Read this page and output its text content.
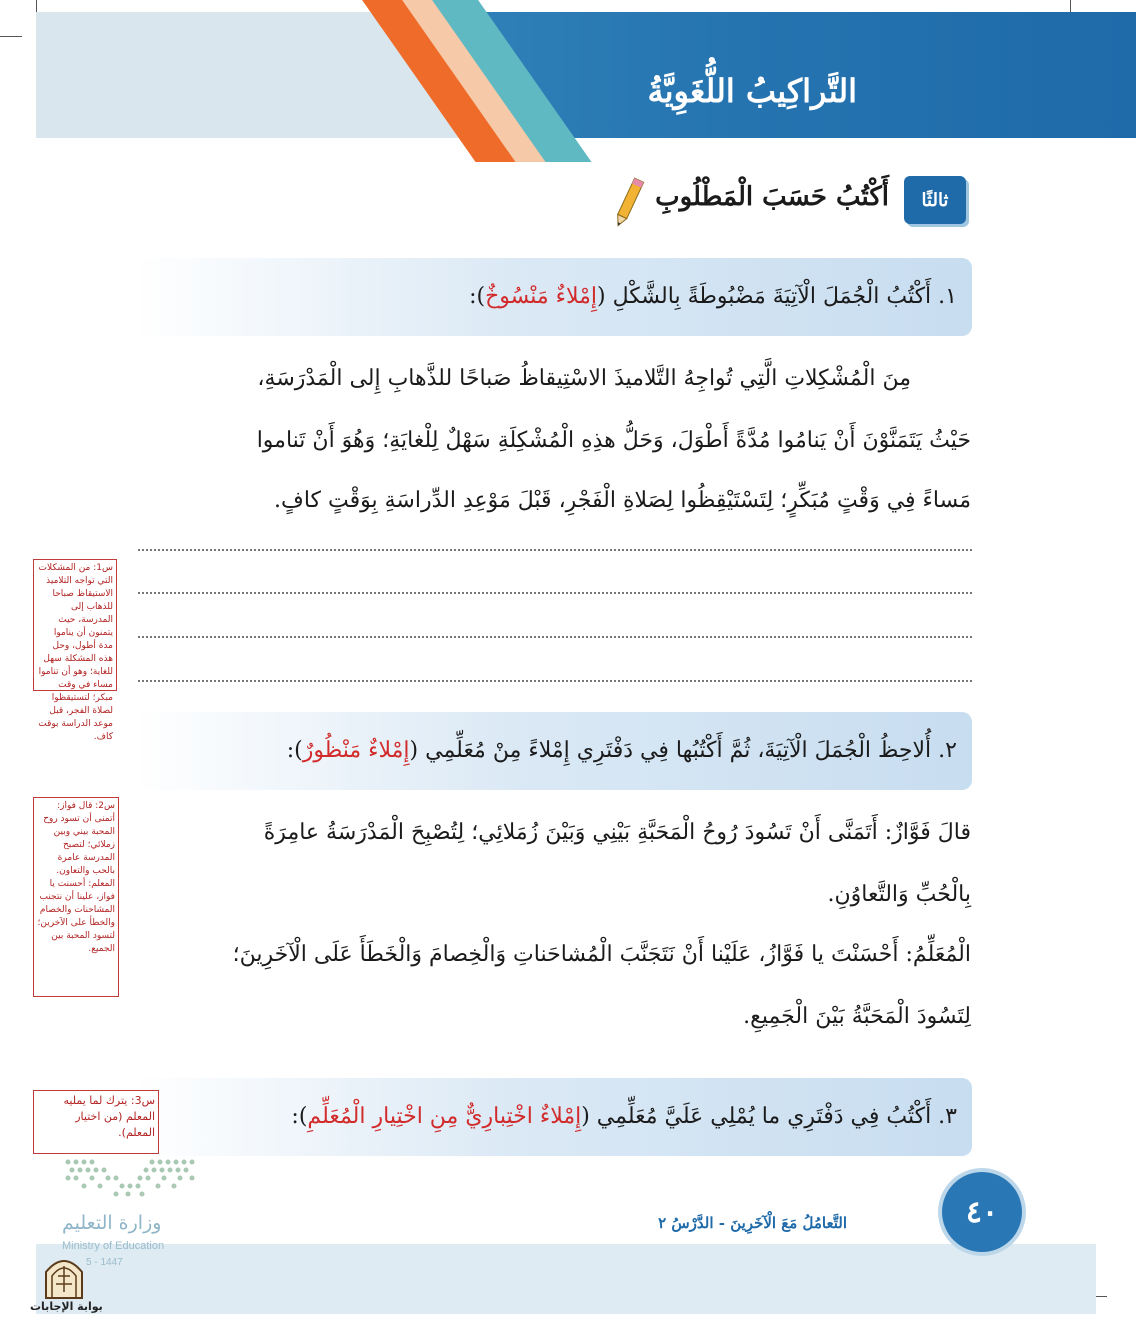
التَّراكِيبُ اللُّغَوِيَّةُ
ثالثًا
أَكْتُبُ حَسَبَ الْمَطْلُوبِ
١. أَكْتُبُ الْجُمَلَ الْآتِيَةَ مَضْبُوطَةً بِالشَّكْلِ (إِمْلاءٌ مَنْسُوخٌ):
مِنَ الْمُشْكِلاتِ الَّتِي تُواجِهُ التَّلاميذَ الاسْتِيقاظُ صَباحًا للذَّهابِ إِلى الْمَدْرَسَةِ،
حَيْثُ يَتَمَنَّوْنَ أَنْ يَنامُوا مُدَّةً أَطْوَلَ، وَحَلُّ هذِهِ الْمُشْكِلَةِ سَهْلٌ لِلْغايَةِ؛ وَهُوَ أَنْ تَناموا
مَساءً فِي وَقْتٍ مُبَكِّرٍ؛ لِتَسْتَيْقِظُوا لِصَلاةِ الْفَجْرِ، قَبْلَ مَوْعِدِ الدِّراسَةِ بِوَقْتٍ كافٍ.
س1: من المشكلات التي تواجه التلاميذ الاستيقاظ صباحا للذهاب إلى المدرسة، حيث يتمنون أن يناموا مدة أطول، وحل هذه المشكلة سهل للغاية؛ وهو أن تناموا مساء في وقت مبكر؛ لتستيقظوا لصلاة الفجر، قبل موعد الدراسة بوقت كاف.
٢. أُلاحِظُ الْجُمَلَ الْآتِيَةَ، ثُمَّ أَكْتُبُها فِي دَفْتَرِي إِمْلاءً مِنْ مُعَلِّمِي (إِمْلاءٌ مَنْظُورٌ):
قالَ فَوَّازٌ: أَتَمَنَّى أَنْ تَسُودَ رُوحُ الْمَحَبَّةِ بَيْنِي وَبَيْنَ زُمَلائِي؛ لِتُصْبِحَ الْمَدْرَسَةُ عامِرَةً
بِالْحُبِّ وَالتَّعاوُنِ.
الْمُعَلِّمُ: أَحْسَنْتَ يا فَوَّازُ، عَلَيْنا أَنْ نَتَجَنَّبَ الْمُشاحَناتِ وَالْخِصامَ وَالْخَطَأَ عَلَى الْآخَرِينَ؛
لِتَسُودَ الْمَحَبَّةُ بَيْنَ الْجَمِيعِ.
س2: قال فواز: أتمنى أن تسود روح المحبة بيني وبين زملائي؛ لتصبح المدرسة عامرة بالحب والتعاون. المعلم: أحسنت يا فواز، علينا أن نتجنب المشاحنات والخصام والخطأ على الآخرين؛ لتسود المحبة بين الجميع.
٣. أَكْتُبُ فِي دَفْتَرِي ما يُمْلِي عَلَيَّ مُعَلِّمِي (إِمْلاءٌ اخْتِبارِيٌّ مِنِ اخْتِيارِ الْمُعَلِّمِ):
س3: يترك لما يمليه المعلم (من اختيار المعلم).
التَّعامُلُ مَعَ الْآخَرِينَ - الدَّرْسُ ٢	٤٠
وزارة التعليم
Ministry of Education
5 - 1447
بوابة الإجابات
